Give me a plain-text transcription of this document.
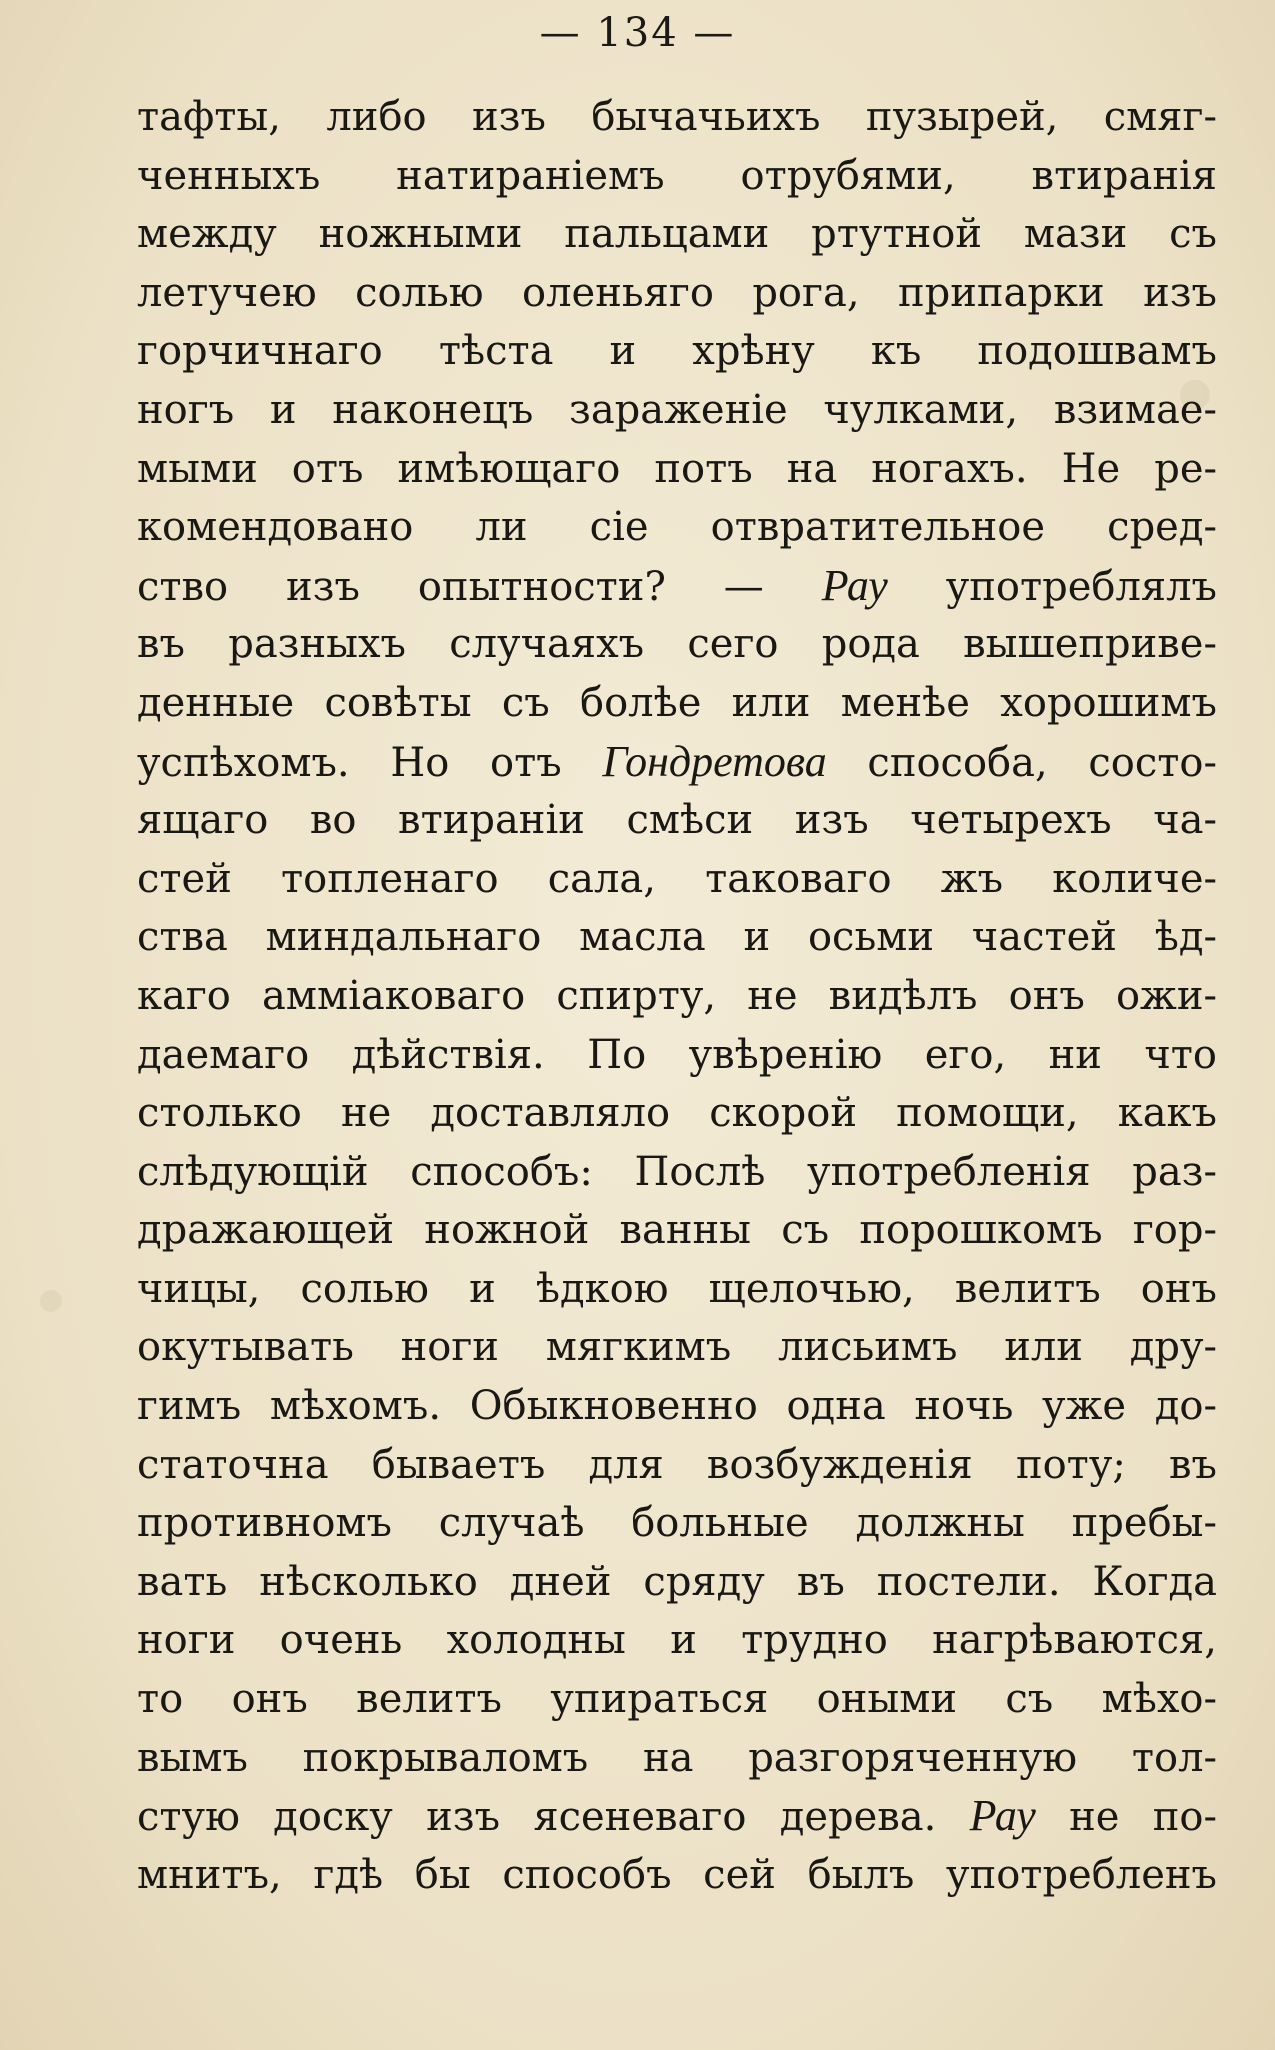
— 134 —
тафты, либо изъ бычачьихъ пузырей, смяг-
ченныхъ натираніемъ отрубями, втиранія
между ножными пальцами ртутной мази съ
летучею солью оленьяго рога, припарки изъ
горчичнаго тѣста и хрѣну къ подошвамъ
ногъ и наконецъ зараженіе чулками, взимае-
мыми отъ имѣющаго потъ на ногахъ. Не ре-
комендовано ли сіе отвратительное сред-
ство изъ опытности? — Рау употреблялъ
въ разныхъ случаяхъ сего рода вышеприве-
денные совѣты съ болѣе или менѣе хорошимъ
успѣхомъ. Но отъ Гондретова способа, состо-
ящаго во втираніи смѣси изъ четырехъ ча-
стей топленаго сала, таковаго жъ количе-
ства миндальнаго масла и осьми частей ѣд-
каго амміаковаго спирту, не видѣлъ онъ ожи-
даемаго дѣйствія. По увѣренію его, ни что
столько не доставляло скорой помощи, какъ
слѣдующій способъ: Послѣ употребленія раз-
дражающей ножной ванны съ порошкомъ гор-
чицы, солью и ѣдкою щелочью, велитъ онъ
окутывать ноги мягкимъ лисьимъ или дру-
гимъ мѣхомъ. Обыкновенно одна ночь уже до-
статочна бываетъ для возбужденія поту; въ
противномъ случаѣ больные должны пребы-
вать нѣсколько дней сряду въ постели. Когда
ноги очень холодны и трудно нагрѣваются,
то онъ велитъ упираться оными съ мѣхо-
вымъ покрываломъ на разгоряченную тол-
стую доску изъ ясеневаго дерева. Рау не по-
мнитъ, гдѣ бы способъ сей былъ употребленъ
